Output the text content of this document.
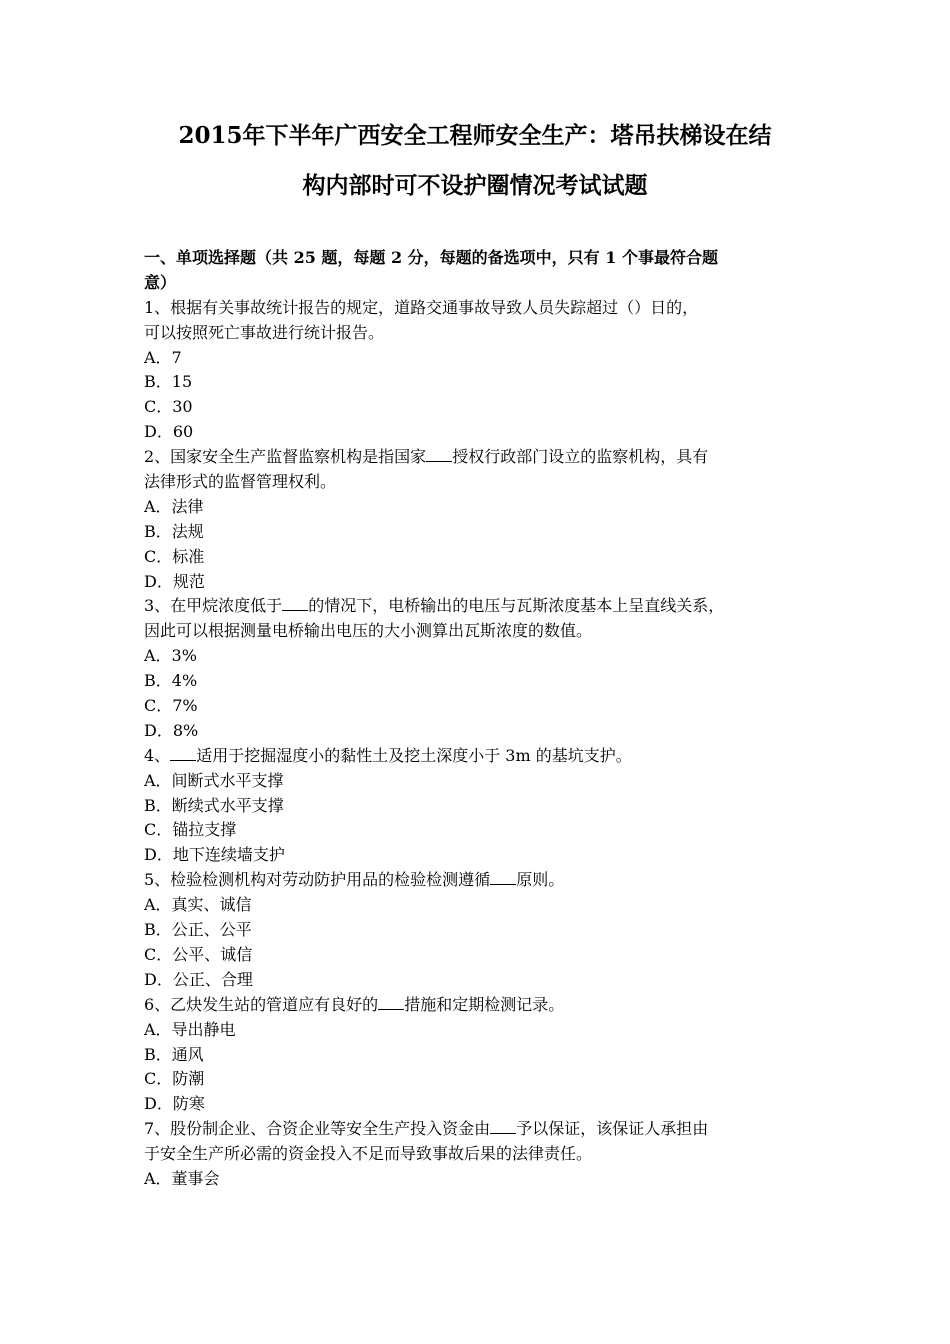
2015年下半年广西安全工程师安全生产：塔吊扶梯设在结
构内部时可不设护圈情况考试试题
一、单项选择题（共 25 题，每题 2 分，每题的备选项中，只有 1 个事最符合题
意）
1、根据有关事故统计报告的规定，道路交通事故导致人员失踪超过（）日的，
可以按照死亡事故进行统计报告。
A．7
B．15
C．30
D．60
2、国家安全生产监督监察机构是指国家 授权行政部门设立的监察机构，具有
法律形式的监督管理权利。
A．法律
B．法规
C．标准
D．规范
3、在甲烷浓度低于 的情况下，电桥输出的电压与瓦斯浓度基本上呈直线关系，
因此可以根据测量电桥输出电压的大小测算出瓦斯浓度的数值。
A．3%
B．4%
C．7%
D．8%
4、 适用于挖掘湿度小的黏性土及挖土深度小于 3m 的基坑支护。
A．间断式水平支撑
B．断续式水平支撑
C．锚拉支撑
D．地下连续墙支护
5、检验检测机构对劳动防护用品的检验检测遵循 原则。
A．真实、诚信
B．公正、公平
C．公平、诚信
D．公正、合理
6、乙炔发生站的管道应有良好的 措施和定期检测记录。
A．导出静电
B．通风
C．防潮
D．防寒
7、股份制企业、合资企业等安全生产投入资金由 予以保证，该保证人承担由
于安全生产所必需的资金投入不足而导致事故后果的法律责任。
A．董事会
